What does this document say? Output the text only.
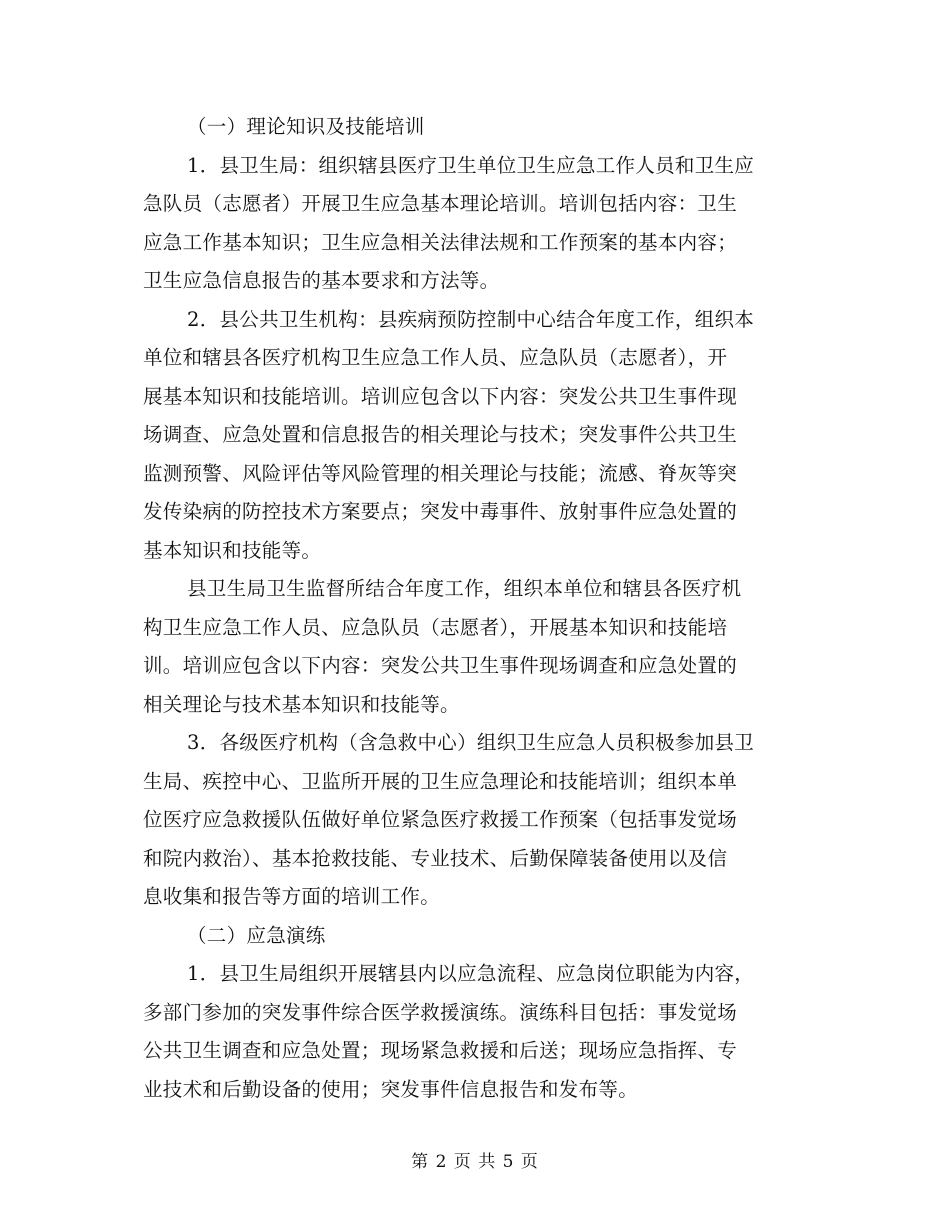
（一）理论知识及技能培训
1．县卫生局：组织辖县医疗卫生单位卫生应急工作人员和卫生应
急队员（志愿者）开展卫生应急基本理论培训。培训包括内容：卫生
应急工作基本知识；卫生应急相关法律法规和工作预案的基本内容；
卫生应急信息报告的基本要求和方法等。
2．县公共卫生机构：县疾病预防控制中心结合年度工作，组织本
单位和辖县各医疗机构卫生应急工作人员、应急队员（志愿者），开
展基本知识和技能培训。培训应包含以下内容：突发公共卫生事件现
场调查、应急处置和信息报告的相关理论与技术；突发事件公共卫生
监测预警、风险评估等风险管理的相关理论与技能；流感、脊灰等突
发传染病的防控技术方案要点；突发中毒事件、放射事件应急处置的
基本知识和技能等。
县卫生局卫生监督所结合年度工作，组织本单位和辖县各医疗机
构卫生应急工作人员、应急队员（志愿者），开展基本知识和技能培
训。培训应包含以下内容：突发公共卫生事件现场调查和应急处置的
相关理论与技术基本知识和技能等。
3．各级医疗机构（含急救中心）组织卫生应急人员积极参加县卫
生局、疾控中心、卫监所开展的卫生应急理论和技能培训；组织本单
位医疗应急救援队伍做好单位紧急医疗救援工作预案（包括事发觉场
和院内救治）、基本抢救技能、专业技术、后勤保障装备使用以及信
息收集和报告等方面的培训工作。
（二）应急演练
1．县卫生局组织开展辖县内以应急流程、应急岗位职能为内容，
多部门参加的突发事件综合医学救援演练。演练科目包括：事发觉场
公共卫生调查和应急处置；现场紧急救援和后送；现场应急指挥、专
业技术和后勤设备的使用；突发事件信息报告和发布等。
第 2 页 共 5 页
